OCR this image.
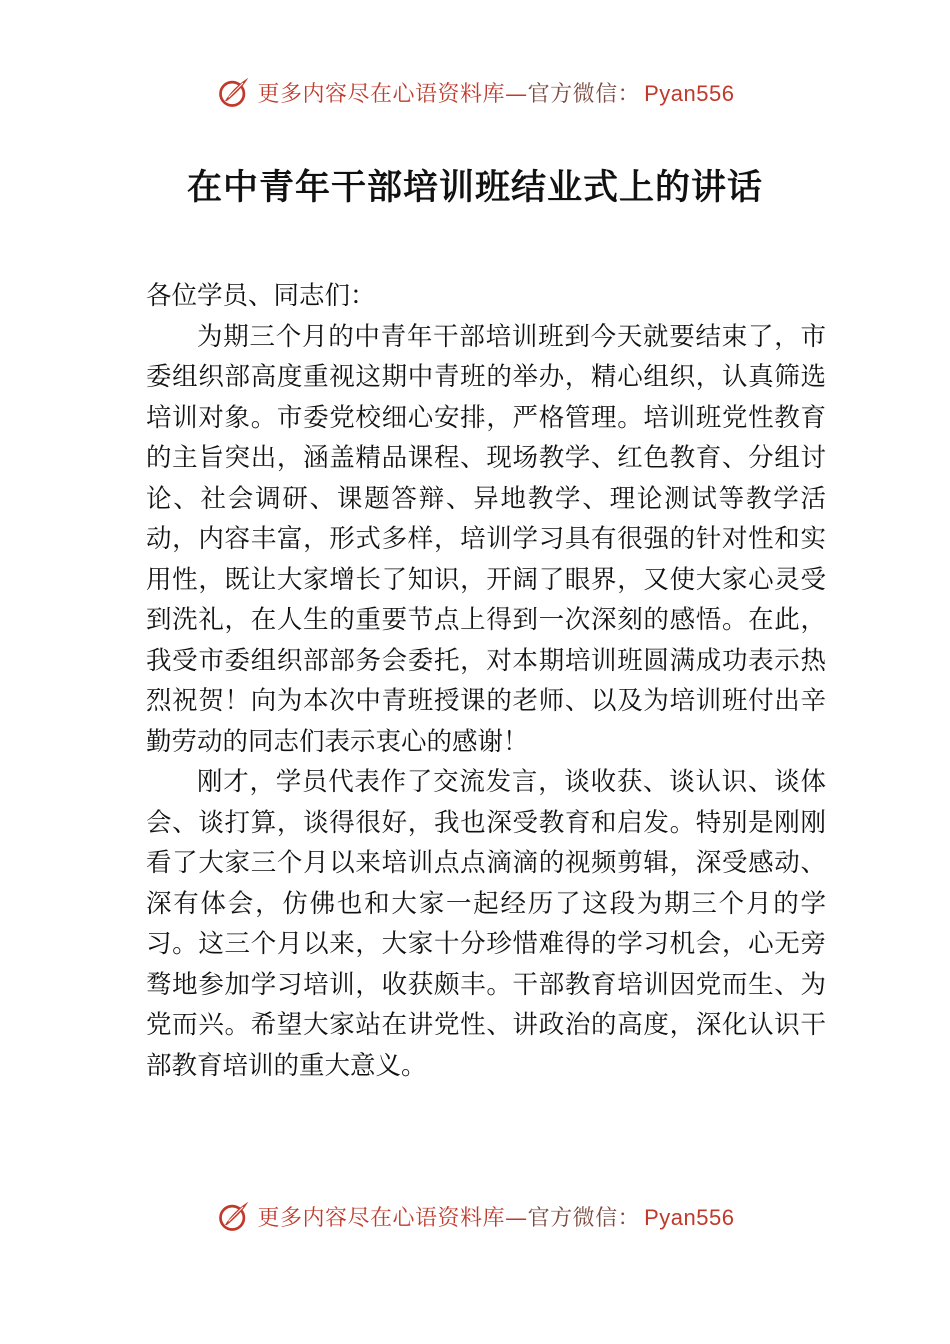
更多内容尽在心语资料库—官方微信： Pyan556
在中青年干部培训班结业式上的讲话

各位学员、同志们：

为期三个月的中青年干部培训班到今天就要结束了，市委组织部高度重视这期中青班的举办，精心组织，认真筛选培训对象。市委党校细心安排，严格管理。培训班党性教育的主旨突出，涵盖精品课程、现场教学、红色教育、分组讨论、社会调研、课题答辩、异地教学、理论测试等教学活动，内容丰富，形式多样，培训学习具有很强的针对性和实用性，既让大家增长了知识，开阔了眼界，又使大家心灵受到洗礼，在人生的重要节点上得到一次深刻的感悟。在此，我受市委组织部部务会委托，对本期培训班圆满成功表示热烈祝贺！向为本次中青班授课的老师、以及为培训班付出辛勤劳动的同志们表示衷心的感谢！

刚才，学员代表作了交流发言，谈收获、谈认识、谈体会、谈打算，谈得很好，我也深受教育和启发。特别是刚刚看了大家三个月以来培训点点滴滴的视频剪辑，深受感动、深有体会，仿佛也和大家一起经历了这段为期三个月的学习。这三个月以来，大家十分珍惜难得的学习机会，心无旁骛地参加学习培训，收获颇丰。干部教育培训因党而生、为党而兴。希望大家站在讲党性、讲政治的高度，深化认识干部教育培训的重大意义。

更多内容尽在心语资料库—官方微信： Pyan556
